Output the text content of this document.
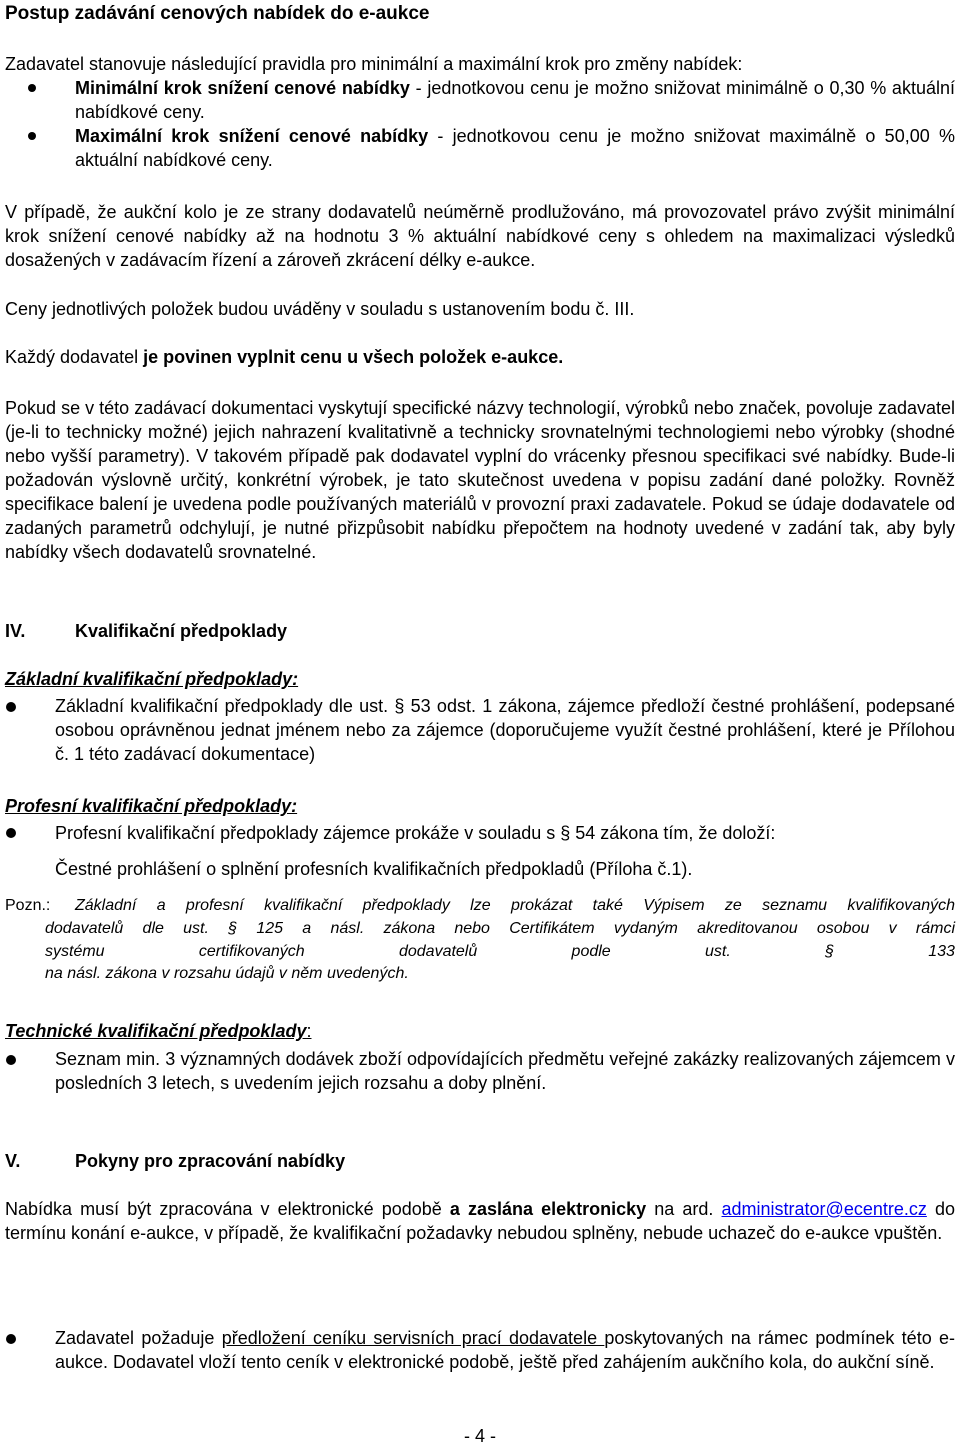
Postup zadávání cenových nabídek do e-aukce
Zadavatel stanovuje následující pravidla pro minimální a maximální krok pro změny nabídek:
Minimální krok snížení cenové nabídky - jednotkovou cenu je možno snižovat minimálně o 0,30 % aktuální nabídkové ceny.
Maximální krok snížení cenové nabídky - jednotkovou cenu je možno snižovat maximálně o 50,00 % aktuální nabídkové ceny.
V případě, že aukční kolo je ze strany dodavatelů neúměrně prodlužováno, má provozovatel právo zvýšit minimální krok snížení cenové nabídky až na hodnotu 3 % aktuální nabídkové ceny s ohledem na maximalizaci výsledků dosažených v zadávacím řízení a zároveň zkrácení délky e-aukce.
Ceny jednotlivých položek budou uváděny v souladu s ustanovením bodu č. III.
Každý dodavatel je povinen vyplnit cenu u všech položek e-aukce.
Pokud se v této zadávací dokumentaci vyskytují specifické názvy technologií, výrobků nebo značek, povoluje zadavatel (je-li to technicky možné) jejich nahrazení kvalitativně a technicky srovnatelnými technologiemi nebo výrobky (shodné nebo vyšší parametry). V takovém případě pak dodavatel vyplní do vrácenky přesnou specifikaci své nabídky. Bude-li požadován výslovně určitý, konkrétní výrobek, je tato skutečnost uvedena v popisu zadání dané položky. Rovněž specifikace balení je uvedena podle používaných materiálů v provozní praxi zadavatele. Pokud se údaje dodavatele od zadaných parametrů odchylují, je nutné přizpůsobit nabídku přepočtem na hodnoty uvedené v zadání tak, aby byly nabídky všech dodavatelů srovnatelné.
IV.	Kvalifikační předpoklady
Základní kvalifikační předpoklady:
Základní kvalifikační předpoklady dle ust. § 53 odst. 1 zákona, zájemce předloží čestné prohlášení, podepsané osobou oprávněnou jednat jménem nebo za zájemce (doporučujeme využít čestné prohlášení, které je Přílohou č. 1 této zadávací dokumentace)
Profesní kvalifikační předpoklady:
Profesní kvalifikační předpoklady zájemce prokáže v souladu s § 54 zákona tím, že doloží:
Čestné prohlášení o splnění profesních kvalifikačních předpokladů (Příloha č.1).
Pozn.: Základní a profesní kvalifikační předpoklady lze prokázat také Výpisem ze seznamu kvalifikovaných
dodavatelů dle ust. § 125 a násl. zákona nebo Certifikátem vydaným akreditovanou osobou v rámci
systému	certifikovaných	dodavatelů	podle	ust.	§	133
na násl. zákona v rozsahu údajů v něm uvedených.
Technické kvalifikační předpoklady:
Seznam min. 3 významných dodávek zboží odpovídajících předmětu veřejné zakázky realizovaných zájemcem v posledních 3 letech, s uvedením jejich rozsahu a doby plnění.
V.	Pokyny pro zpracování nabídky
Nabídka musí být zpracována v elektronické podobě a zaslána elektronicky na ard. administrator@ecentre.cz do termínu konání e-aukce, v případě, že kvalifikační požadavky nebudou splněny, nebude uchazeč do e-aukce vpuštěn.
Zadavatel požaduje předložení ceníku servisních prací dodavatele poskytovaných na rámec podmínek této e-aukce. Dodavatel vloží tento ceník v elektronické podobě, ještě před zahájením aukčního kola, do aukční síně.
- 4 -
